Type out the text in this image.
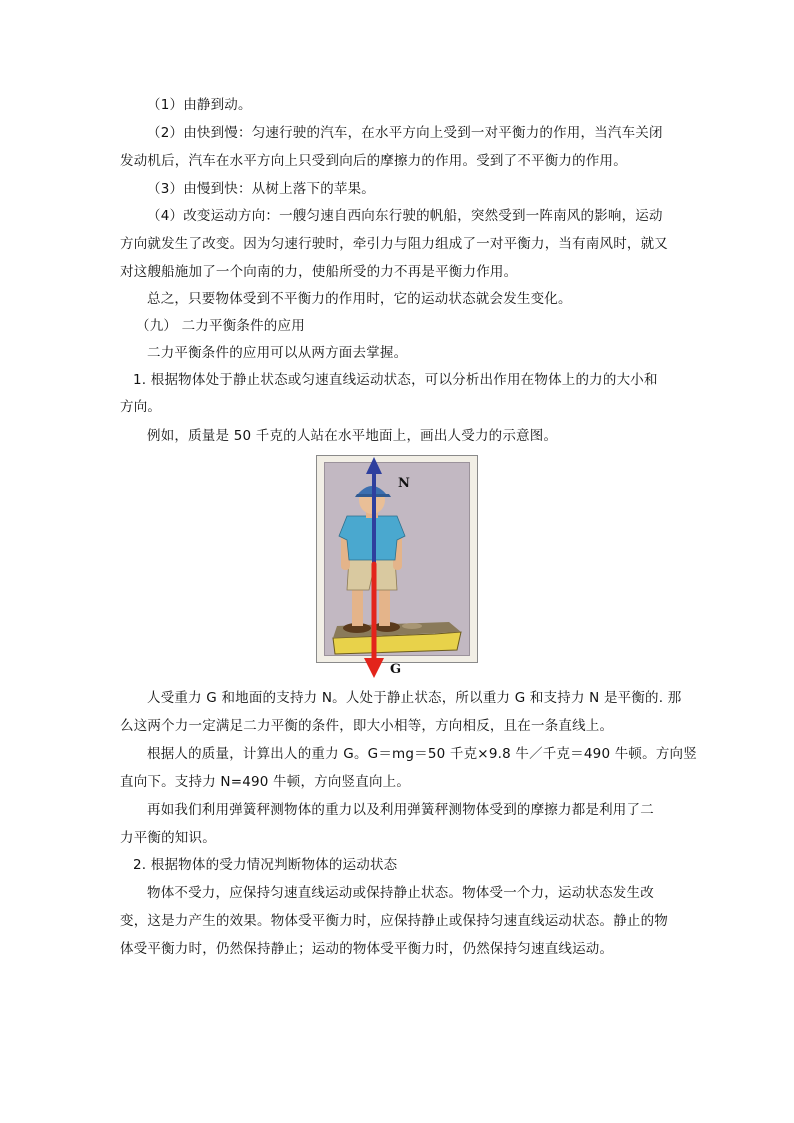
（1）由静到动。
（2）由快到慢：匀速行驶的汽车，在水平方向上受到一对平衡力的作用，当汽车关闭
发动机后，汽车在水平方向上只受到向后的摩擦力的作用。受到了不平衡力的作用。
（3）由慢到快：从树上落下的苹果。
（4）改变运动方向：一艘匀速自西向东行驶的帆船，突然受到一阵南风的影响，运动
方向就发生了改变。因为匀速行驶时，牵引力与阻力组成了一对平衡力，当有南风时，就又
对这艘船施加了一个向南的力，使船所受的力不再是平衡力作用。
总之，只要物体受到不平衡力的作用时，它的运动状态就会发生变化。
（九） 二力平衡条件的应用
二力平衡条件的应用可以从两方面去掌握。
1. 根据物体处于静止状态或匀速直线运动状态，可以分析出作用在物体上的力的大小和
方向。
例如，质量是 50 千克的人站在水平地面上，画出人受力的示意图。
N
G
人受重力 G 和地面的支持力 N。人处于静止状态，所以重力 G 和支持力 N 是平衡的. 那
么这两个力一定满足二力平衡的条件，即大小相等，方向相反，且在一条直线上。
根据人的质量，计算出人的重力 G。G＝mg＝50 千克×9.8 牛／千克＝490 牛顿。方向竖
直向下。支持力 N=490 牛顿，方向竖直向上。
再如我们利用弹簧秤测物体的重力以及利用弹簧秤测物体受到的摩擦力都是利用了二
力平衡的知识。
2. 根据物体的受力情况判断物体的运动状态
物体不受力，应保持匀速直线运动或保持静止状态。物体受一个力，运动状态发生改
变，这是力产生的效果。物体受平衡力时，应保持静止或保持匀速直线运动状态。静止的物
体受平衡力时，仍然保持静止；运动的物体受平衡力时，仍然保持匀速直线运动。
